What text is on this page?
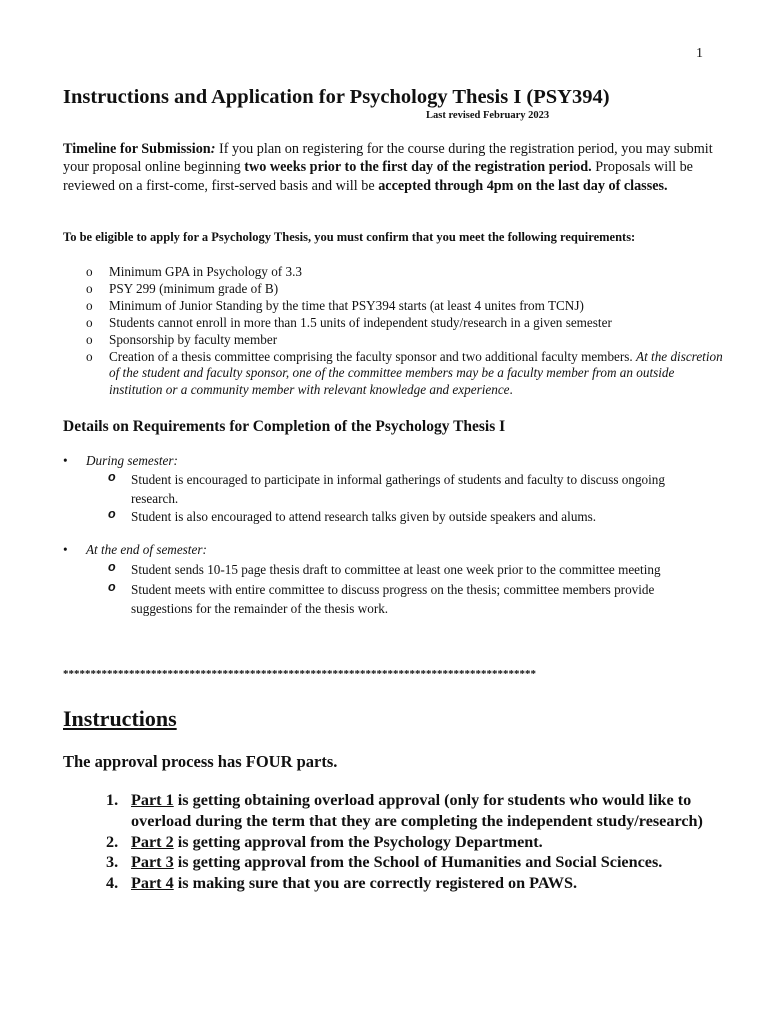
1
Instructions and Application for Psychology Thesis I (PSY394)
Last revised February 2023
Timeline for Submission: If you plan on registering for the course during the registration period, you may submit your proposal online beginning two weeks prior to the first day of the registration period. Proposals will be reviewed on a first-come, first-served basis and will be accepted through 4pm on the last day of classes.
To be eligible to apply for a Psychology Thesis, you must confirm that you meet the following requirements:
o Minimum GPA in Psychology of 3.3
o PSY 299 (minimum grade of B)
o Minimum of Junior Standing by the time that PSY394 starts (at least 4 unites from TCNJ)
o Students cannot enroll in more than 1.5 units of independent study/research in a given semester
o Sponsorship by faculty member
o Creation of a thesis committee comprising the faculty sponsor and two additional faculty members. At the discretion of the student and faculty sponsor, one of the committee members may be a faculty member from an outside institution or a community member with relevant knowledge and experience.
Details on Requirements for Completion of the Psychology Thesis I
• During semester:
o Student is encouraged to participate in informal gatherings of students and faculty to discuss ongoing research.
o Student is also encouraged to attend research talks given by outside speakers and alums.
• At the end of semester:
o Student sends 10-15 page thesis draft to committee at least one week prior to the committee meeting
o Student meets with entire committee to discuss progress on the thesis; committee members provide suggestions for the remainder of the thesis work.
**************************************************************************************
Instructions
The approval process has FOUR parts.
1. Part 1 is getting obtaining overload approval (only for students who would like to overload during the term that they are completing the independent study/research)
2. Part 2 is getting approval from the Psychology Department.
3. Part 3 is getting approval from the School of Humanities and Social Sciences.
4. Part 4 is making sure that you are correctly registered on PAWS.
